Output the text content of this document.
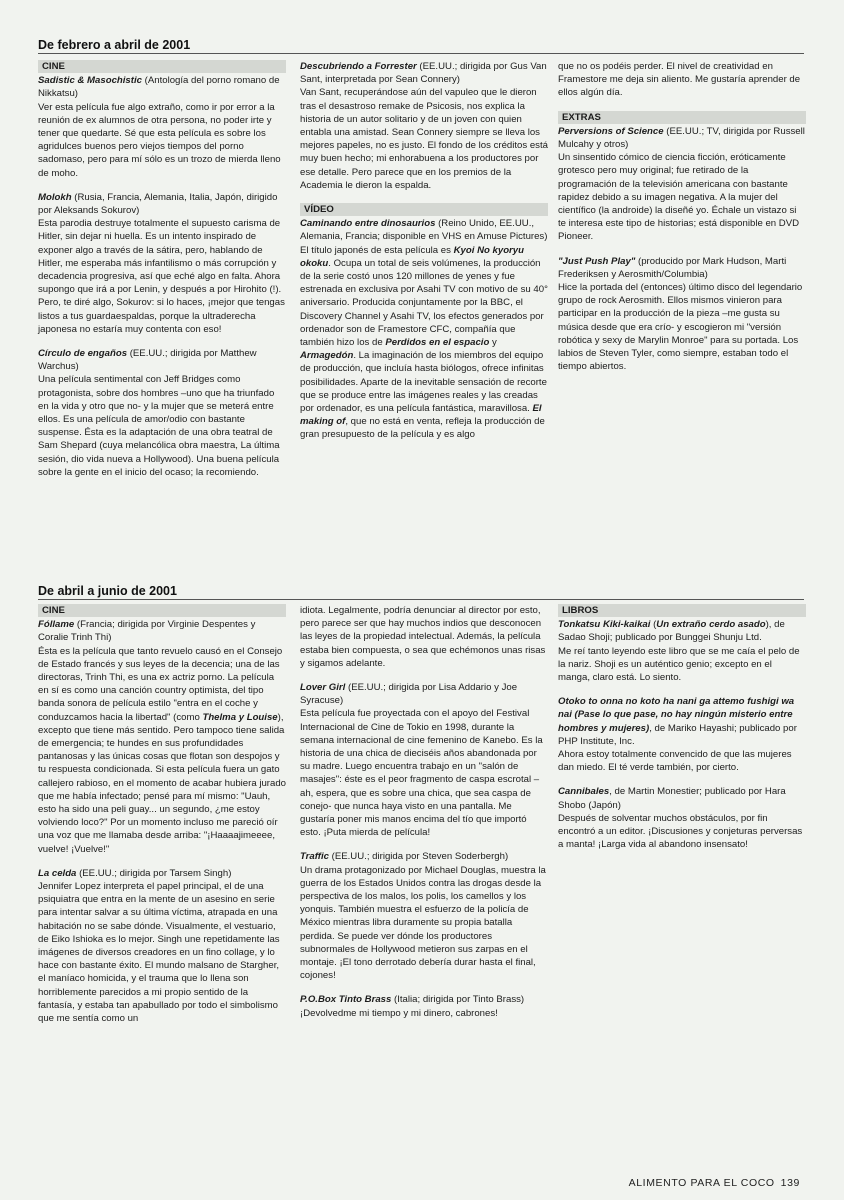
De febrero a abril de 2001
CINE

Sadistic & Masochistic (Antología del porno romano de Nikkatsu)
Ver esta película fue algo extraño, como ir por error a la reunión de ex alumnos de otra persona, no poder irte y tener que quedarte. Sé que esta película es sobre los agridulces buenos pero viejos tiempos del porno sadomaso, pero para mí sólo es un trozo de mierda lleno de moho.

Molokh (Rusia, Francia, Alemania, Italia, Japón, dirigido por Aleksands Sokurov)
Esta parodia destruye totalmente el supuesto carisma de Hitler, sin dejar ni huella. Es un intento inspirado de exponer algo a través de la sátira, pero, hablando de Hitler, me esperaba más infantilismo o más corrupción y decadencia progresiva, así que eché algo en falta. Ahora supongo que irá a por Lenin, y después a por Hirohito (!). Pero, te diré algo, Sokurov: si lo haces, ¡mejor que tengas listos a tus guardaespaldas, porque la ultraderecha japonesa no estaría muy contenta con eso!

Círculo de engaños (EE.UU.; dirigida por Matthew Warchus)
Una película sentimental con Jeff Bridges como protagonista, sobre dos hombres –uno que ha triunfado en la vida y otro que no- y la mujer que se meterá entre ellos. Es una película de amor/odio con bastante suspense. Ésta es la adaptación de una obra teatral de Sam Shepard (cuya melancólica obra maestra, La última sesión, dio vida nueva a Hollywood). Una buena película sobre la gente en el inicio del ocaso; la recomiendo.

Descubriendo a Forrester (EE.UU.; dirigida por Gus Van Sant, interpretada por Sean Connery)
Van Sant, recuperándose aún del vapuleo que le dieron tras el desastroso remake de Psicosis, nos explica la historia de un autor solitario y de un joven con quien entabla una amistad. Sean Connery siempre se lleva los mejores papeles, no es justo. El fondo de los créditos está muy buen hecho; mi enhorabuena a los productores por ese detalle. Pero parece que en los premios de la Academia le dieron la espalda.

VÍDEO

Caminando entre dinosaurios (Reino Unido, EE.UU., Alemania, Francia; disponible en VHS en Amuse Pictures)
El título japonés de esta película es Kyoi No kyoryu okoku. Ocupa un total de seis volúmenes, la producción de la serie costó unos 120 millones de yenes y fue estrenada en exclusiva por Asahi TV con motivo de su 40° aniversario. Producida conjuntamente por la BBC, el Discovery Channel y Asahi TV, los efectos generados por ordenador son de Framestore CFC, compañía que también hizo los de Perdidos en el espacio y Armagedón. La imaginación de los miembros del equipo de producción, que incluía hasta biólogos, ofrece infinitas posibilidades. Aparte de la inevitable sensación de recorte que se produce entre las imágenes reales y las creadas por ordenador, es una película fantástica, maravillosa. El making of, que no está en venta, refleja la producción de gran presupuesto de la película y es algo

que no os podéis perder. El nivel de creatividad en Framestore me deja sin aliento. Me gustaría aprender de ellos algún día.

EXTRAS

Perversions of Science (EE.UU.; TV, dirigida por Russell Mulcahy y otros)
Un sinsentido cómico de ciencia ficción, eróticamente grotesco pero muy original; fue retirado de la programación de la televisión americana con bastante rapidez debido a su imagen negativa. A la mujer del científico (la androide) la diseñé yo. Échale un vistazo si te interesa este tipo de historias; está disponible en DVD Pioneer.

"Just Push Play" (producido por Mark Hudson, Marti Frederiksen y Aerosmith/Columbia)
Hice la portada del (entonces) último disco del legendario grupo de rock Aerosmith. Ellos mismos vinieron para participar en la producción de la pieza –me gusta su música desde que era crío- y escogieron mi "versión robótica y sexy de Marylin Monroe" para su portada. Los labios de Steven Tyler, como siempre, estaban todo el tiempo abiertos.

De abril a junio de 2001
CINE

Fóllame (Francia; dirigida por Virginie Despentes y Coralie Trinh Thi)
Ésta es la película que tanto revuelo causó en el Consejo de Estado francés y sus leyes de la decencia; una de las directoras, Trinh Thi, es una ex actriz porno. La película en sí es como una canción country optimista, del tipo banda sonora de película estilo "entra en el coche y conduzcamos hacia la libertad" (como Thelma y Louise), excepto que tiene más sentido. Pero tampoco tiene salida de emergencia; te hundes en sus profundidades pantanosas y las únicas cosas que flotan son despojos y tu respuesta condicionada. Si esta película fuera un gato callejero rabioso, en el momento de acabar hubiera jurado que me había infectado; pensé para mí mismo: "Uauh, esto ha sido una peli guay... un segundo, ¿me estoy volviendo loco?" Por un momento incluso me pareció oír una voz que me llamaba desde arriba: "¡Haaaajimeeee, vuelve! ¡Vuelve!"

La celda (EE.UU.; dirigida por Tarsem Singh)
Jennifer Lopez interpreta el papel principal, el de una psiquiatra que entra en la mente de un asesino en serie para intentar salvar a su última víctima, atrapada en una habitación no se sabe dónde. Visualmente, el vestuario, de Eiko Ishioka es lo mejor. Singh une repetidamente las imágenes de diversos creadores en un fino collage, y lo hace con bastante éxito. El mundo malsano de Stargher, el maníaco homicida, y el trauma que lo llena son horriblemente parecidos a mi propio sentido de la fantasía, y estaba tan apabullado por todo el simbolismo que me sentía como un

idiota. Legalmente, podría denunciar al director por esto, pero parece ser que hay muchos indios que desconocen las leyes de la propiedad intelectual. Además, la película estaba bien compuesta, o sea que echémonos unas risas y sigamos adelante.

Lover Girl (EE.UU.; dirigida por Lisa Addario y Joe Syracuse)
Esta película fue proyectada con el apoyo del Festival Internacional de Cine de Tokio en 1998, durante la semana internacional de cine femenino de Kanebo. Es la historia de una chica de dieciséis años abandonada por su madre. Luego encuentra trabajo en un "salón de masajes": éste es el peor fragmento de caspa escrotal –ah, espera, que es sobre una chica, que sea caspa de conejo- que nunca haya visto en una pantalla. Me gustaría poner mis manos encima del tío que importó esto. ¡Puta mierda de película!

Traffic (EE.UU.; dirigida por Steven Soderbergh)
Un drama protagonizado por Michael Douglas, muestra la guerra de los Estados Unidos contra las drogas desde la perspectiva de los malos, los polis, los camellos y los yonquis. También muestra el esfuerzo de la policía de México mientras libra duramente su propia batalla perdida. Se puede ver dónde los productores subnormales de Hollywood metieron sus zarpas en el montaje. ¡El tono derrotado debería durar hasta el final, cojones!

P.O.Box Tinto Brass (Italia; dirigida por Tinto Brass)
¡Devolvedme mi tiempo y mi dinero, cabrones!

LIBROS

Tonkatsu Kiki-kaikai (Un extraño cerdo asado), de Sadao Shoji; publicado por Bunggei Shunju Ltd.
Me reí tanto leyendo este libro que se me caía el pelo de la nariz. Shoji es un auténtico genio; excepto en el manga, claro está. Lo siento.

Otoko to onna no koto ha nani ga attemo fushigi wa nai (Pase lo que pase, no hay ningún misterio entre hombres y mujeres), de Mariko Hayashi; publicado por PHP Institute, Inc.
Ahora estoy totalmente convencido de que las mujeres dan miedo. El té verde también, por cierto.

Cannibales, de Martin Monestier; publicado por Hara Shobo (Japón)
Después de solventar muchos obstáculos, por fin encontró a un editor. ¡Discusiones y conjeturas perversas a manta! ¡Larga vida al abandono insensato!

ALIMENTO PARA EL COCO 139
